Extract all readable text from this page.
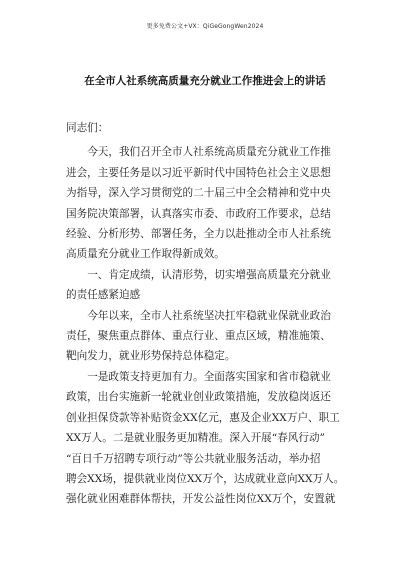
更多免费公文+VX：QiGeGongWen2024
在全市人社系统高质量充分就业工作推进会上的讲话

同志们：

今天，我们召开全市人社系统高质量充分就业工作推
进会，主要任务是以习近平新时代中国特色社会主义思想
为指导，深入学习贯彻党的二十届三中全会精神和党中央
国务院决策部署，认真落实市委、市政府工作要求，总结
经验、分析形势、部署任务，全力以赴推动全市人社系统
高质量充分就业工作取得新成效。

一、肯定成绩，认清形势，切实增强高质量充分就业
的责任感紧迫感

今年以来，全市人社系统坚决扛牢稳就业保就业政治
责任，聚焦重点群体、重点行业、重点区域，精准施策、
靶向发力，就业形势保持总体稳定。

一是政策支持更加有力。全面落实国家和省市稳就业
政策，出台实施新一轮就业创业政策措施，发放稳岗返还
创业担保贷款等补贴资金XX亿元，惠及企业XX万户、职工
XX万人。二是就业服务更加精准。深入开展“春风行动”
“百日千万招聘专项行动”等公共就业服务活动，举办招
聘会XX场，提供就业岗位XX万个，达成就业意向XX万人。
强化就业困难群体帮扶，开发公益性岗位XX万个，安置就
